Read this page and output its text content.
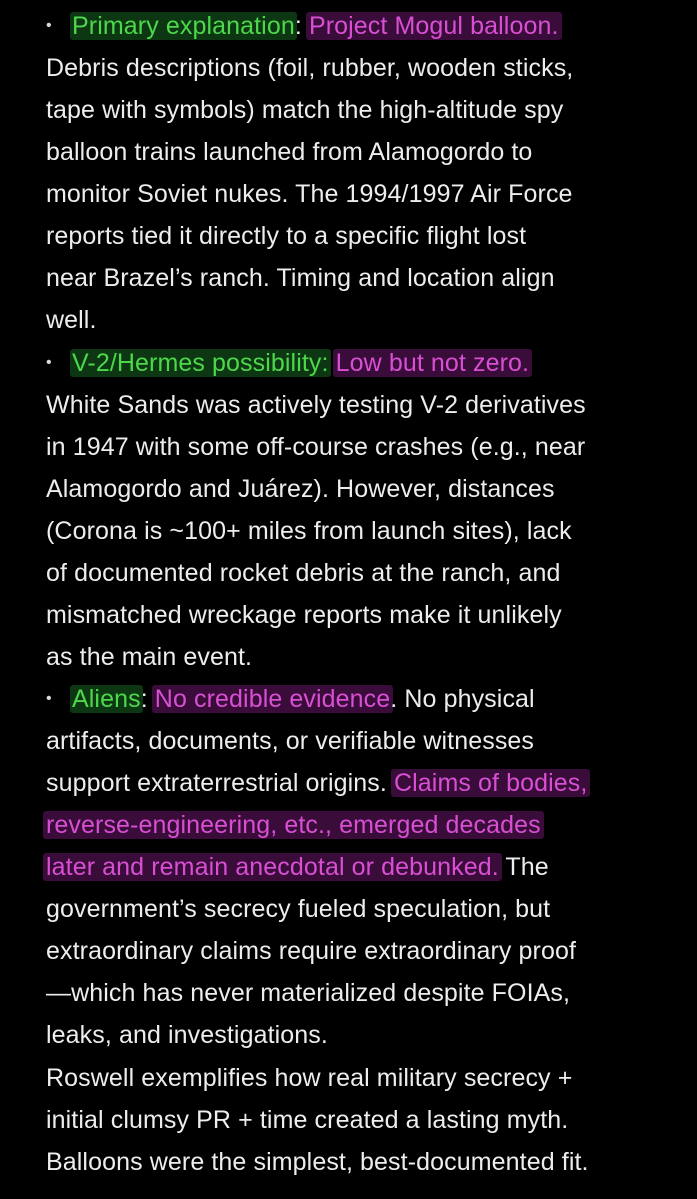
• Primary explanation: Project Mogul balloon.
Debris descriptions (foil, rubber, wooden sticks,
tape with symbols) match the high-altitude spy
balloon trains launched from Alamogordo to
monitor Soviet nukes. The 1994/1997 Air Force
reports tied it directly to a specific flight lost
near Brazel’s ranch. Timing and location align
well.
• V-2/Hermes possibility: Low but not zero.
White Sands was actively testing V-2 derivatives
in 1947 with some off-course crashes (e.g., near
Alamogordo and Juárez). However, distances
(Corona is ~100+ miles from launch sites), lack
of documented rocket debris at the ranch, and
mismatched wreckage reports make it unlikely
as the main event.
• Aliens: No credible evidence. No physical
artifacts, documents, or verifiable witnesses
support extraterrestrial origins. Claims of bodies,
reverse-engineering, etc., emerged decades
later and remain anecdotal or debunked. The
government’s secrecy fueled speculation, but
extraordinary claims require extraordinary proof
—which has never materialized despite FOIAs,
leaks, and investigations.
Roswell exemplifies how real military secrecy +
initial clumsy PR + time created a lasting myth.
Balloons were the simplest, best-documented fit.
